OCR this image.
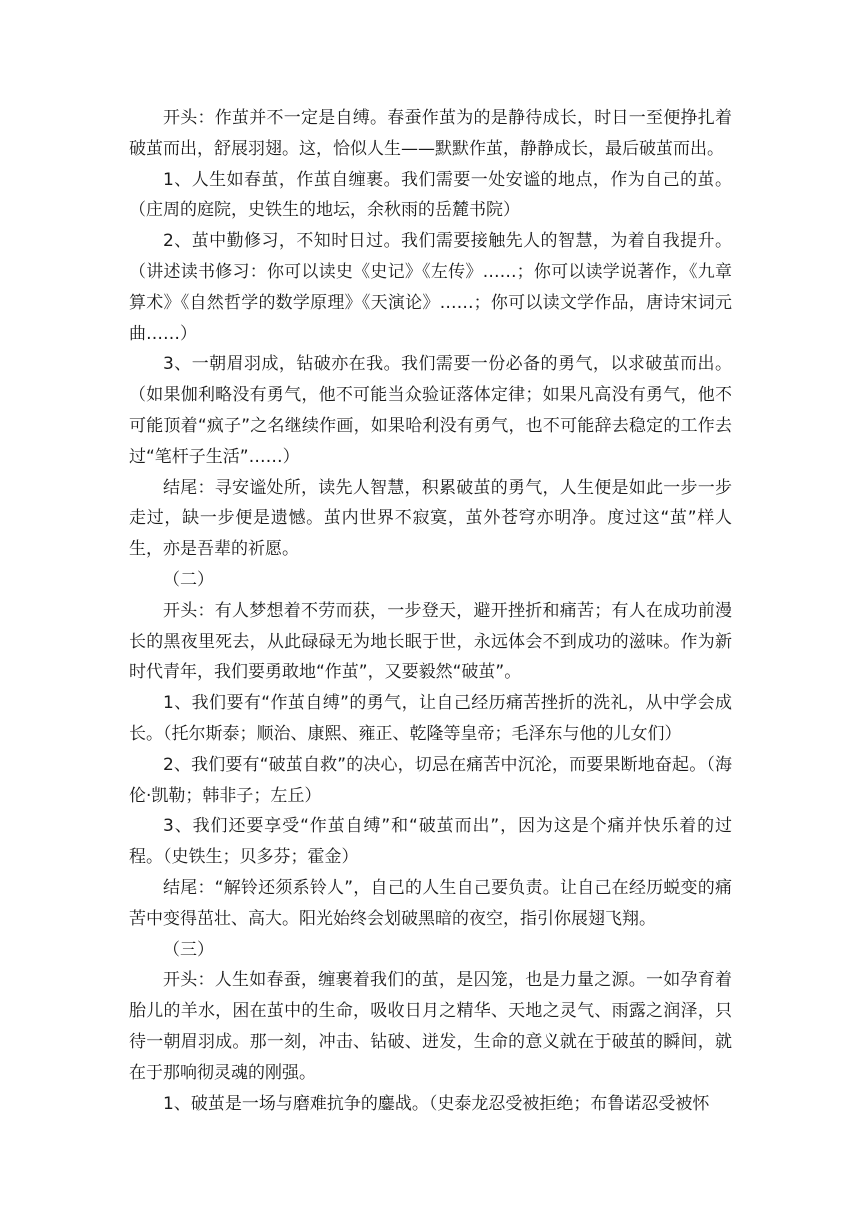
开头：作茧并不一定是自缚。春蚕作茧为的是静待成长，时日一至便挣扎着破茧而出，舒展羽翅。这，恰似人生——默默作茧，静静成长，最后破茧而出。

1、人生如春茧，作茧自缠裹。我们需要一处安谧的地点，作为自己的茧。（庄周的庭院，史铁生的地坛，余秋雨的岳麓书院）

2、茧中勤修习，不知时日过。我们需要接触先人的智慧，为着自我提升。（讲述读书修习：你可以读史《史记》《左传》……；你可以读学说著作，《九章算术》《自然哲学的数学原理》《天演论》……；你可以读文学作品，唐诗宋词元曲……）

3、一朝眉羽成，钻破亦在我。我们需要一份必备的勇气，以求破茧而出。（如果伽利略没有勇气，他不可能当众验证落体定律；如果凡高没有勇气，他不可能顶着“疯子”之名继续作画，如果哈利没有勇气，也不可能辞去稳定的工作去过“笔杆子生活”……）

结尾：寻安谧处所，读先人智慧，积累破茧的勇气，人生便是如此一步一步走过，缺一步便是遗憾。茧内世界不寂寞，茧外苍穹亦明净。度过这“茧”样人生，亦是吾辈的祈愿。

（二）

开头：有人梦想着不劳而获，一步登天，避开挫折和痛苦；有人在成功前漫长的黑夜里死去，从此碌碌无为地长眠于世，永远体会不到成功的滋味。作为新时代青年，我们要勇敢地“作茧”，又要毅然“破茧”。

1、我们要有“作茧自缚”的勇气，让自己经历痛苦挫折的洗礼，从中学会成长。（托尔斯泰；顺治、康熙、雍正、乾隆等皇帝；毛泽东与他的儿女们）

2、我们要有“破茧自救”的决心，切忌在痛苦中沉沦，而要果断地奋起。（海伦·凯勒；韩非子；左丘）

3、我们还要享受“作茧自缚”和“破茧而出”，因为这是个痛并快乐着的过程。（史铁生；贝多芬；霍金）

结尾：“解铃还须系铃人”，自己的人生自己要负责。让自己在经历蜕变的痛苦中变得茁壮、高大。阳光始终会划破黑暗的夜空，指引你展翅飞翔。

（三）

开头：人生如春蚕，缠裹着我们的茧，是囚笼，也是力量之源。一如孕育着胎儿的羊水，困在茧中的生命，吸收日月之精华、天地之灵气、雨露之润泽，只待一朝眉羽成。那一刻，冲击、钻破、迸发，生命的意义就在于破茧的瞬间，就在于那响彻灵魂的刚强。

1、破茧是一场与磨难抗争的鏖战。（史泰龙忍受被拒绝；布鲁诺忍受被怀
